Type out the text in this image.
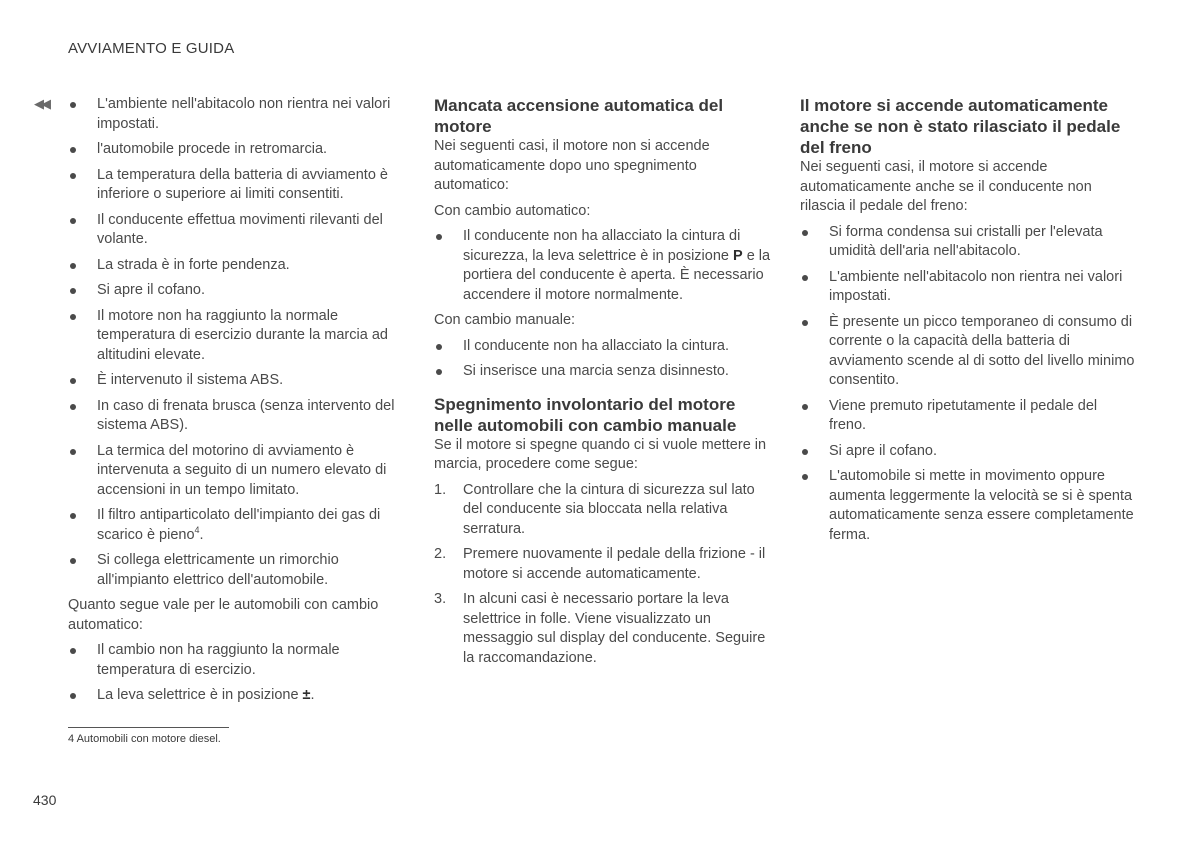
AVVIAMENTO E GUIDA
◀◀	L'ambiente nell'abitacolo non rientra nei valori impostati.
l'automobile procede in retromarcia.
La temperatura della batteria di avviamento è inferiore o superiore ai limiti consentiti.
Il conducente effettua movimenti rilevanti del volante.
La strada è in forte pendenza.
Si apre il cofano.
Il motore non ha raggiunto la normale temperatura di esercizio durante la marcia ad altitudini elevate.
È intervenuto il sistema ABS.
In caso di frenata brusca (senza intervento del sistema ABS).
La termica del motorino di avviamento è intervenuta a seguito di un numero elevato di accensioni in un tempo limitato.
Il filtro antiparticolato dell'impianto dei gas di scarico è pieno$^4$.
Si collega elettricamente un rimorchio all'impianto elettrico dell'automobile.

Quanto segue vale per le automobili con cambio automatico:

Il cambio non ha raggiunto la normale temperatura di esercizio.
La leva selettrice è in posizione ±.
Mancata accensione automatica del motore

Nei seguenti casi, il motore non si accende automaticamente dopo uno spegnimento automatico:

Con cambio automatico:

Il conducente non ha allacciato la cintura di sicurezza, la leva selettrice è in posizione P e la portiera del conducente è aperta. È necessario accendere il motore normalmente.

Con cambio manuale:

Il conducente non ha allacciato la cintura.
Si inserisce una marcia senza disinnesto.
Spegnimento involontario del motore nelle automobili con cambio manuale

Se il motore si spegne quando ci si vuole mettere in marcia, procedere come segue:

1. Controllare che la cintura di sicurezza sul lato del conducente sia bloccata nella relativa serratura.
2. Premere nuovamente il pedale della frizione - il motore si accende automaticamente.
3. In alcuni casi è necessario portare la leva selettrice in folle. Viene visualizzato un messaggio sul display del conducente. Seguire la raccomandazione.
Il motore si accende automaticamente anche se non è stato rilasciato il pedale del freno

Nei seguenti casi, il motore si accende automaticamente anche se il conducente non rilascia il pedale del freno:

Si forma condensa sui cristalli per l'elevata umidità dell'aria nell'abitacolo.
L'ambiente nell'abitacolo non rientra nei valori impostati.
È presente un picco temporaneo di consumo di corrente o la capacità della batteria di avviamento scende al di sotto del livello minimo consentito.
Viene premuto ripetutamente il pedale del freno.
Si apre il cofano.
L'automobile si mette in movimento oppure aumenta leggermente la velocità se si è spenta automaticamente senza essere completamente ferma.
4 Automobili con motore diesel.
430
